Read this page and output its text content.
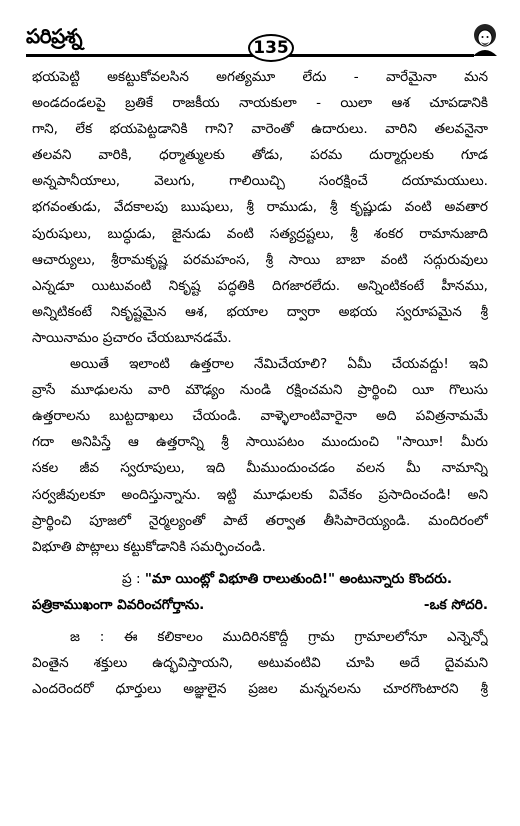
పరిప్రశ్న	135
భయపెట్టి అకట్టుకోవలసిన అగత్యమూ లేదు - వారేమైనా మన
అండదండలపై బ్రతికే రాజకీయ నాయకులా - యిలా ఆశ చూపడానికి
గాని, లేక భయపెట్టడానికి గాని? వారెంతో ఉదారులు. వారిని తలవనైనా
తలవని వారికి, ధర్మాత్ములకు తోడు, పరమ దుర్మార్గులకు గూడ
అన్నపానీయాలు, వెలుగు, గాలియిచ్చి సంరక్షించే దయామయులు.
భగవంతుడు, వేదకాలపు ఋషులు, శ్రీ రాముడు, శ్రీ కృష్ణుడు వంటి అవతార
పురుషులు, బుద్ధుడు, జైనుడు వంటి సత్యద్రష్టలు, శ్రీ శంకర రామానుజాది
ఆచార్యులు, శ్రీరామకృష్ణ పరమహంస, శ్రీ సాయి బాబా వంటి సద్గురువులు
ఎన్నడూ యిటువంటి నికృష్ట పద్ధతికి దిగజారలేదు. అన్నింటికంటే హీనము,
అన్నిటికంటే నికృష్టమైన ఆశ, భయాల ద్వారా అభయ స్వరూపమైన శ్రీ
సాయినామం ప్రచారం చేయబూనడమే.
అయితే ఇలాంటి ఉత్తరాల నేమిచేయాలి? ఏమీ చేయవద్దు! ఇవి
వ్రాసే మూఢులను వారి మౌఢ్యం నుండి రక్షించమని ప్రార్థించి యీ గొలుసు
ఉత్తరాలను బుట్టదాఖలు చేయండి. వాళ్ళెలాంటివారైనా అది పవిత్రనామమే
గదా అనిపిస్తే ఆ ఉత్తరాన్ని శ్రీ సాయిపటం ముందుంచి "సాయీ! మీరు
సకల జీవ స్వరూపులు, ఇది మీముందుంచడం వలన మీ నామాన్ని
సర్వజీవులకూ అందిస్తున్నాను. ఇట్టి మూఢులకు వివేకం ప్రసాదించండి! అని
ప్రార్థించి పూజలో నైర్మల్యంతో పాటే తర్వాత తీసిపారెయ్యండి. మందిరంలో
విభూతి పొట్లాలు కట్టుకోడానికి సమర్పించండి.
ప్ర : "మా యింట్లో విభూతి రాలుతుంది!" అంటున్నారు కొందరు.
పత్రికాముఖంగా వివరించగోర్తాను.	-ఒక సోదరి.
జ : ఈ కలికాలం ముదిరినకొద్దీ గ్రామ గ్రామాలలోనూ ఎన్నెన్నో
వింతైన శక్తులు ఉద్భవిస్తాయని, అటువంటివి చూపి అదే దైవమని
ఎందరెందరో ధూర్తులు అజ్ఞులైన ప్రజల మన్ననలను చూరగొంటారని శ్రీ
